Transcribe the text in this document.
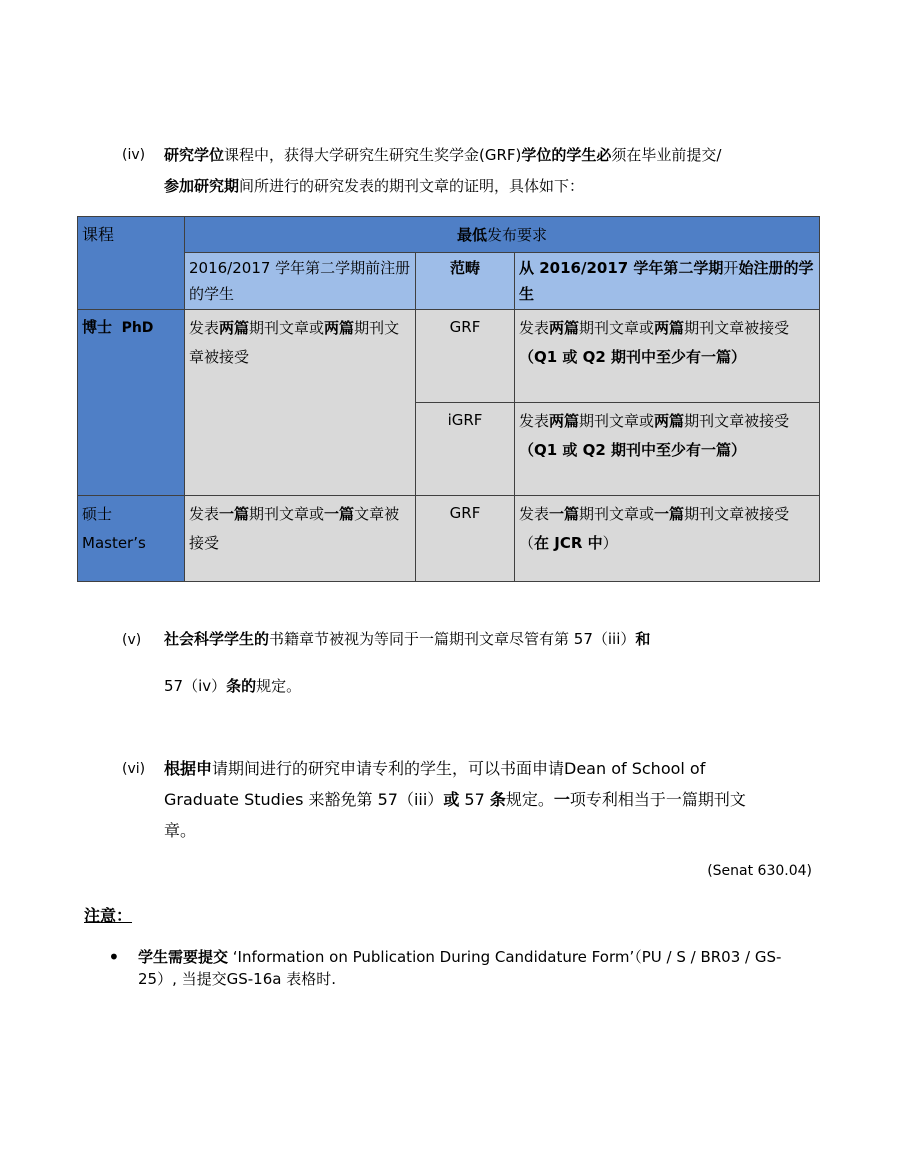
(iv) 研究学位课程中，获得大学研究生研究生奖学金(GRF)学位的学生必须在毕业前提交/
参加研究期间所进行的研究发表的期刊文章的证明，具体如下：
课程	最低发布要求		
	2016/2017 学年第二学期前注册的学生	范畴	从 2016/2017 学年第二学期开始注册的学生
博士 PhD	发表两篇期刊文章或两篇期刊文章被接受	GRF	发表两篇期刊文章或两篇期刊文章被接受
（Q1 或 Q2 期刊中至少有一篇）
		iGRF	发表两篇期刊文章或两篇期刊文章被接受
（Q1 或 Q2 期刊中至少有一篇）

硕士
Master’s	发表一篇期刊文章或一篇文章被接受	GRF	发表一篇期刊文章或一篇期刊文章被接受（在 JCR 中）
(v) 社会科学学生的书籍章节被视为等同于一篇期刊文章尽管有第 57（iii）和
57（iv）条的规定。
(vi) 根据申请期间进行的研究申请专利的学生，可以书面申请Dean of School of
Graduate Studies 来豁免第 57（iii）或 57 条规定。一项专利相当于一篇期刊文
章。
(Senat 630.04)
注意：
• 学生需要提交 ‘Information on Publication During Candidature Form’（PU / S / BR03 / GS-25）, 当提交GS-16a 表格时.
